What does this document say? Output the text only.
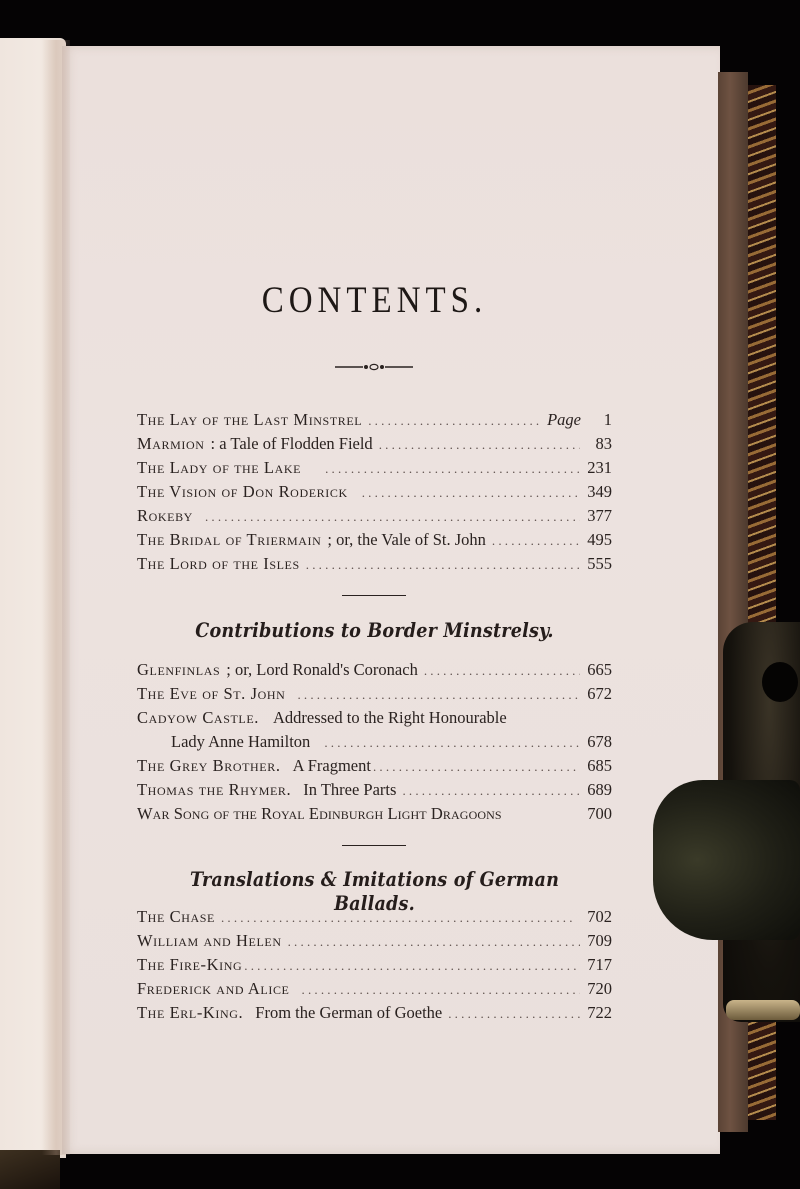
CONTENTS.
The Lay of the Last Minstrel .....	Page	1
Marmion : a Tale of Flodden Field .....	83
The Lady of the Lake .....	231
The Vision of Don Roderick .....	349
Rokeby .....	377
The Bridal of Triermain ; or, the Vale of St. John .....	495
The Lord of the Isles .....	555
Contributions to Border Minstrelsy.
Glenfinlas ; or, Lord Ronald's Coronach .....	665
The Eve of St. John .....	672
Cadyow Castle. Addressed to the Right Honourable
Lady Anne Hamilton .....	678
The Grey Brother. A Fragment .....	685
Thomas the Rhymer. In Three Parts .....	689
War Song of the Royal Edinburgh Light Dragoons	700
Translations & Imitations of German Ballads.
The Chase .....	702
William and Helen .....	709
The Fire-King .....	717
Frederick and Alice .....	720
The Erl-King. From the German of Goethe .....	722
